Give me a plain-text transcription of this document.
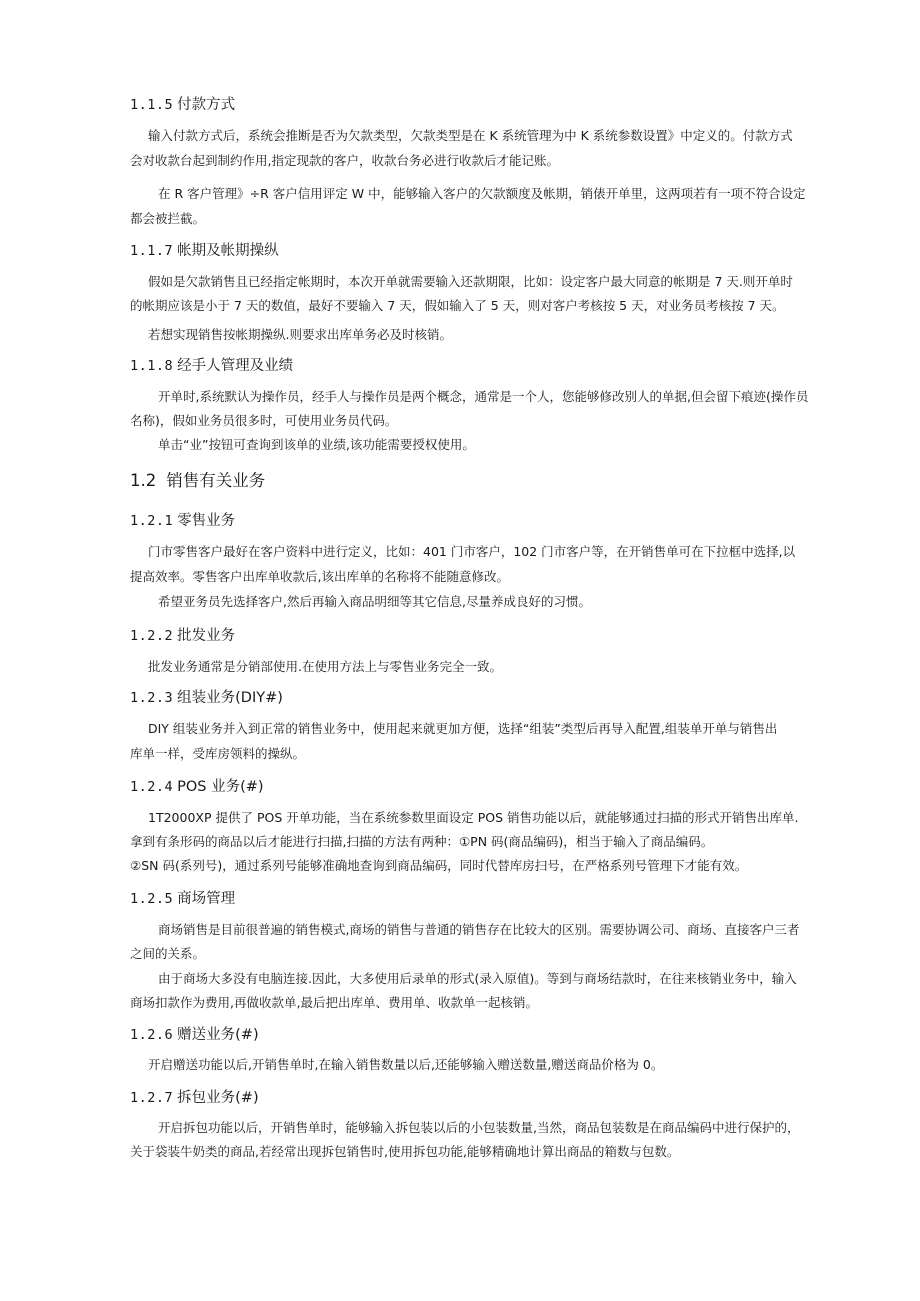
1.1.5 付款方式
输入付款方式后，系统会推断是否为欠款类型，欠款类型是在 K 系统管理为中 K 系统参数设置》中定义的。付款方式
会对收款台起到制约作用,指定现款的客户，收款台务必进行收款后才能记账。
在 R 客户管理》÷R 客户信用评定 W 中，能够输入客户的欠款额度及帐期，销俵开单里，这两项若有一项不符合设定
都会被拦截。
1.1.7 帐期及帐期操纵
假如是欠款销售且已经指定帐期时，本次开单就需要输入还款期限，比如：设定客户最大同意的帐期是 7 天.则开单时
的帐期应该是小于 7 天的数值，最好不要输入 7 天，假如输入了 5 天，则对客户考核按 5 天，对业务员考核按 7 天。
若想实现销售按帐期操纵.则要求出库单务必及时核销。
1.1.8 经手人管理及业绩
开单时,系统默认为操作员，经手人与操作员是两个概念，通常是一个人，您能够修改别人的单据,但会留下痕迹(操作员
名称)，假如业务员很多时，可使用业务员代码。
单击“业”按钮可查询到该单的业绩,该功能需要授权使用。
1.2 销售有关业务
1.2.1 零售业务
门市零售客户最好在客户资料中进行定义，比如：401 门市客户，102 门市客户等，在开销售单可在下拉框中选择,以
提高效率。零售客户出库单收款后,该出库单的名称将不能随意修改。
希望亚务员先选择客户,然后再输入商品明细等其它信息,尽量养成良好的习惯。
1.2.2 批发业务
批发业务通常是分销部使用.在使用方法上与零售业务完全一致。
1.2.3 组装业务(DIY#)
DIY 组装业务并入到正常的销售业务中，使用起来就更加方便，选择“组装”类型后再导入配置,组装单开单与销售出
库单一样，受库房领料的操纵。
1.2.4 POS 业务(#)
1T2000XP 提供了 POS 开单功能，当在系统参数里面设定 POS 销售功能以后，就能够通过扫描的形式开销售出库单.
拿到有条形码的商品以后才能进行扫描,扫描的方法有两种：①PN 码(商品编码)，相当于输入了商品编码。
②SN 码(系列号)，通过系列号能够准确地查询到商品编码，同时代替库房扫号，在严格系列号管理下才能有效。
1.2.5 商场管理
商场销售是目前很普遍的销售模式,商场的销售与普通的销售存在比较大的区别。需要协调公司、商场、直接客户三者
之间的关系。
由于商场大多没有电脑连接.因此，大多使用后录单的形式(录入原值)。等到与商场结款时，在往来核销业务中，输入
商场扣款作为费用,再做收款单,最后把出库单、费用单、收款单一起核销。
1.2.6 赠送业务(#)
开启赠送功能以后,开销售单时,在输入销售数量以后,还能够输入赠送数量,赠送商品价格为 0。
1.2.7 拆包业务(#)
开启拆包功能以后，开销售单时，能够输入拆包装以后的小包装数量,当然，商品包装数是在商品编码中进行保护的，
关于袋装牛奶类的商品,若经常出现拆包销售时,使用拆包功能,能够精确地计算出商品的箱数与包数。
